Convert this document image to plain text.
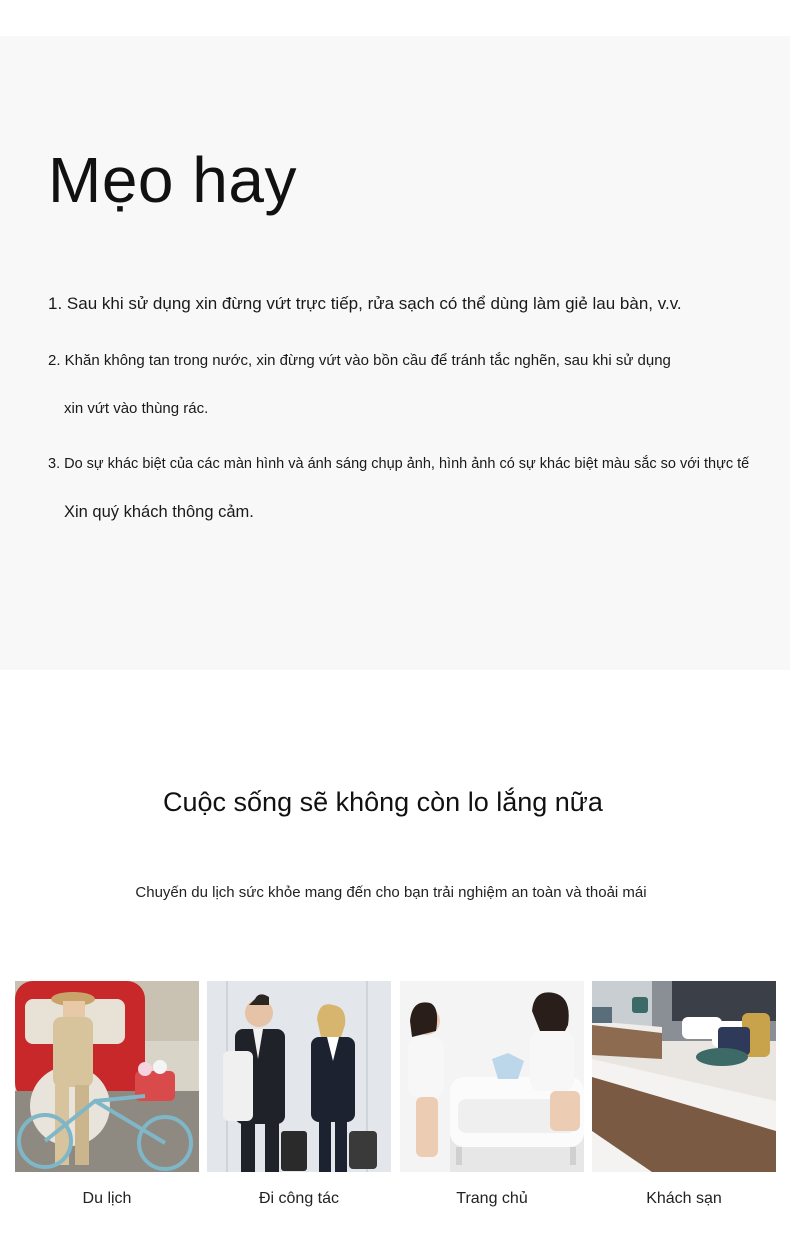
Mẹo hay
1. Sau khi sử dụng xin đừng vứt trực tiếp, rửa sạch có thể dùng làm giẻ lau bàn, v.v.
2. Khăn không tan trong nước, xin đừng vứt vào bồn cầu để tránh tắc nghẽn, sau khi sử dụng
xin vứt vào thùng rác.
3. Do sự khác biệt của các màn hình và ánh sáng chụp ảnh, hình ảnh có sự khác biệt màu sắc so với thực tế
Xin quý khách thông cảm.
Cuộc sống sẽ không còn lo lắng nữa
Chuyến du lịch sức khỏe mang đến cho bạn trải nghiệm an toàn và thoải mái
Du lịch	Đi công tác	Trang chủ	Khách sạn
